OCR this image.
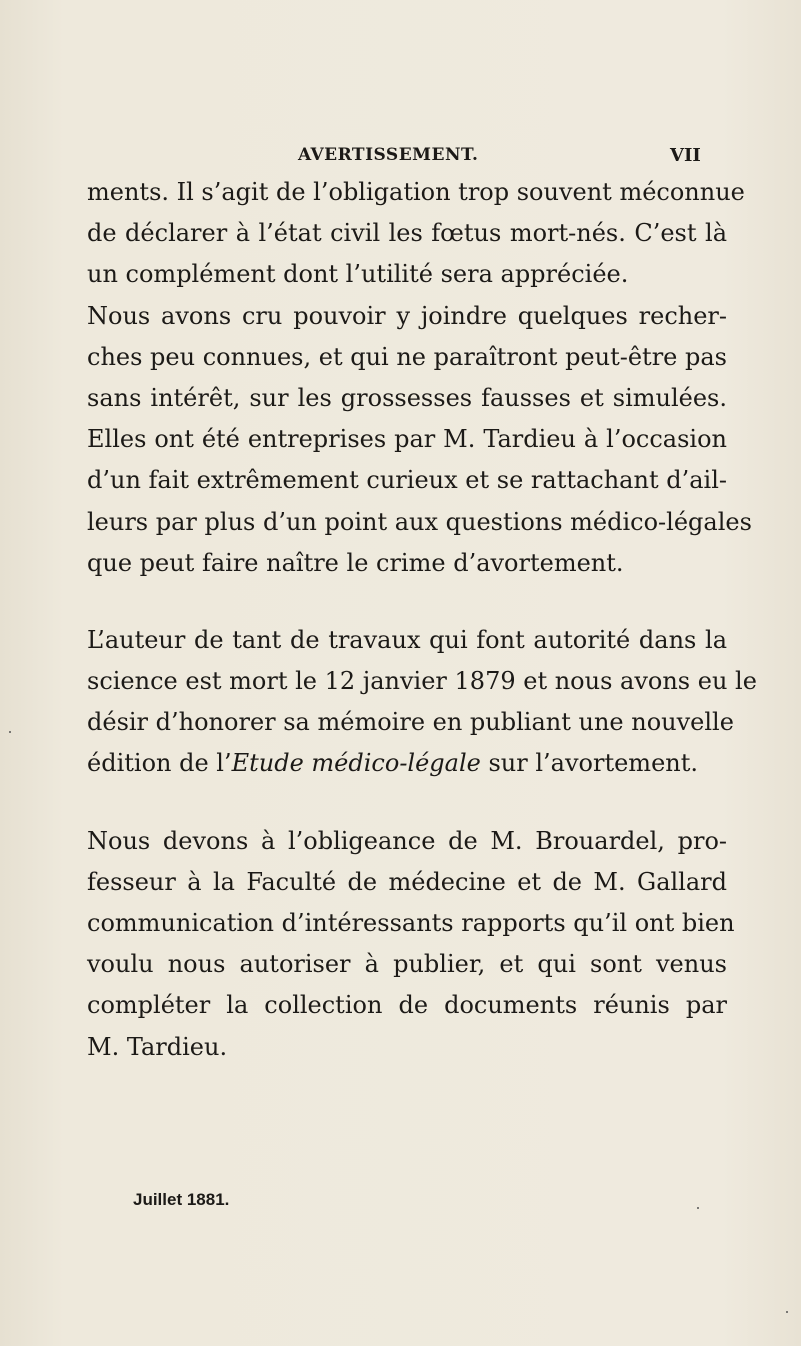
AVERTISSEMENT.	VII
ments. Il s’agit de l’obligation trop souvent méconnue
de déclarer à l’état civil les fœtus mort-nés. C’est là
un complément dont l’utilité sera appréciée.
Nous avons cru pouvoir y joindre quelques recher-
ches peu connues, et qui ne paraîtront peut-être pas
sans intérêt, sur les grossesses fausses et simulées.
Elles ont été entreprises par M. Tardieu à l’occasion
d’un fait extrêmement curieux et se rattachant d’ail-
leurs par plus d’un point aux questions médico-légales
que peut faire naître le crime d’avortement.
L’auteur de tant de travaux qui font autorité dans la
science est mort le 12 janvier 1879 et nous avons eu le
désir d’honorer sa mémoire en publiant une nouvelle
édition de l’Etude médico-légale sur l’avortement.
Nous devons à l’obligeance de M. Brouardel, pro-
fesseur à la Faculté de médecine et de M. Gallard
communication d’intéressants rapports qu’il ont bien
voulu nous autoriser à publier, et qui sont venus
compléter la collection de documents réunis par
M. Tardieu.
Juillet 1881.
